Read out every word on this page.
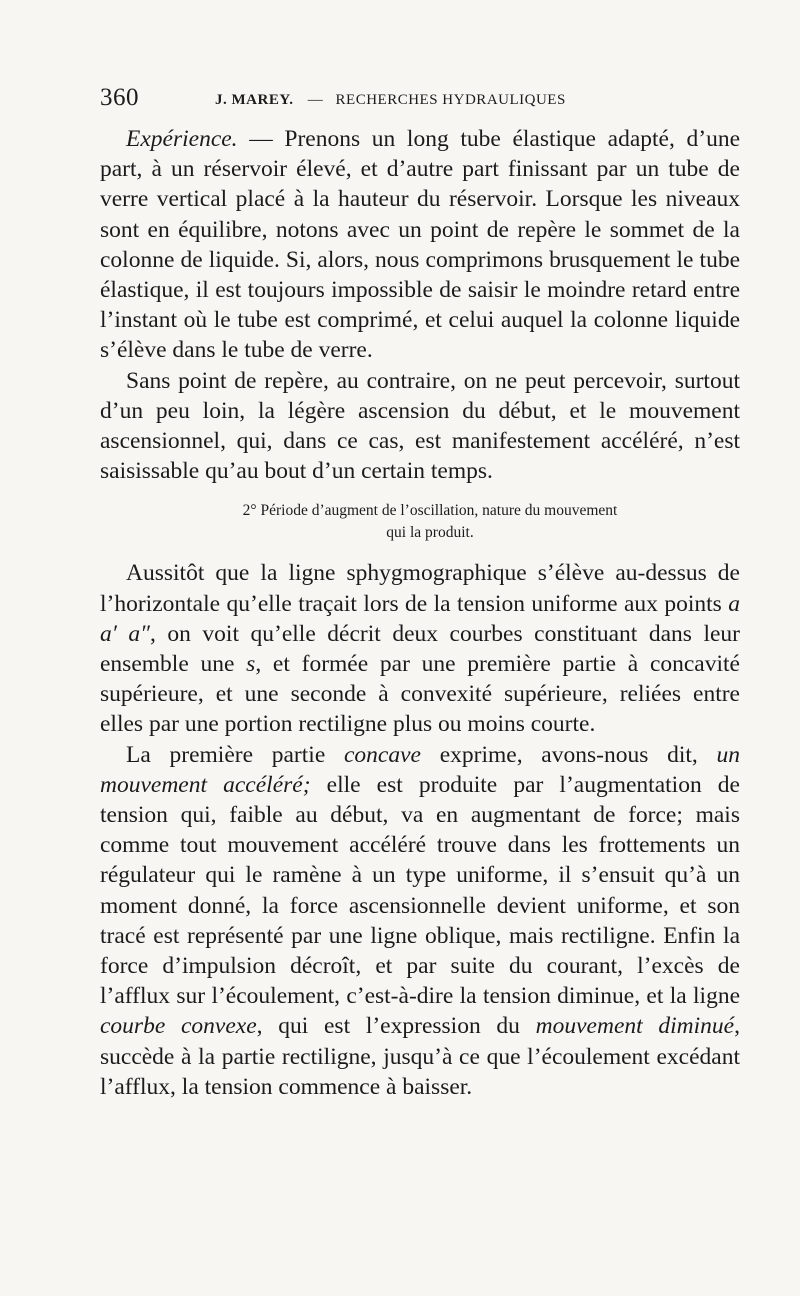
360	J. MAREY. — RECHERCHES HYDRAULIQUES

Expérience. — Prenons un long tube élastique adapté, d’une part, à un réservoir élevé, et d’autre part finissant par un tube de verre vertical placé à la hauteur du réservoir. Lorsque les niveaux sont en équilibre, notons avec un point de repère le sommet de la colonne de liquide. Si, alors, nous comprimons brusquement le tube élastique, il est toujours impossible de saisir le moindre retard entre l’instant où le tube est comprimé, et celui auquel la colonne liquide s’élève dans le tube de verre.

Sans point de repère, au contraire, on ne peut percevoir, surtout d’un peu loin, la légère ascension du début, et le mouvement ascensionnel, qui, dans ce cas, est manifestement accéléré, n’est saisissable qu’au bout d’un certain temps.

2° Période d’augment de l’oscillation, nature du mouvement
qui la produit.

Aussitôt que la ligne sphygmographique s’élève au-dessus de l’horizontale qu’elle traçait lors de la tension uniforme aux points a a′ a″, on voit qu’elle décrit deux courbes constituant dans leur ensemble une s, et formée par une première partie à concavité supérieure, et une seconde à convexité supérieure, reliées entre elles par une portion rectiligne plus ou moins courte.

La première partie concave exprime, avons-nous dit, un mouvement accéléré; elle est produite par l’augmentation de tension qui, faible au début, va en augmentant de force; mais comme tout mouvement accéléré trouve dans les frottements un régulateur qui le ramène à un type uniforme, il s’ensuit qu’à un moment donné, la force ascensionnelle devient uniforme, et son tracé est représenté par une ligne oblique, mais rectiligne. Enfin la force d’impulsion décroît, et par suite du courant, l’excès de l’afflux sur l’écoulement, c’est-à-dire la tension diminue, et la ligne courbe convexe, qui est l’expression du mouvement diminué, succède à la partie rectiligne, jusqu’à ce que l’écoulement excédant l’afflux, la tension commence à baisser.
